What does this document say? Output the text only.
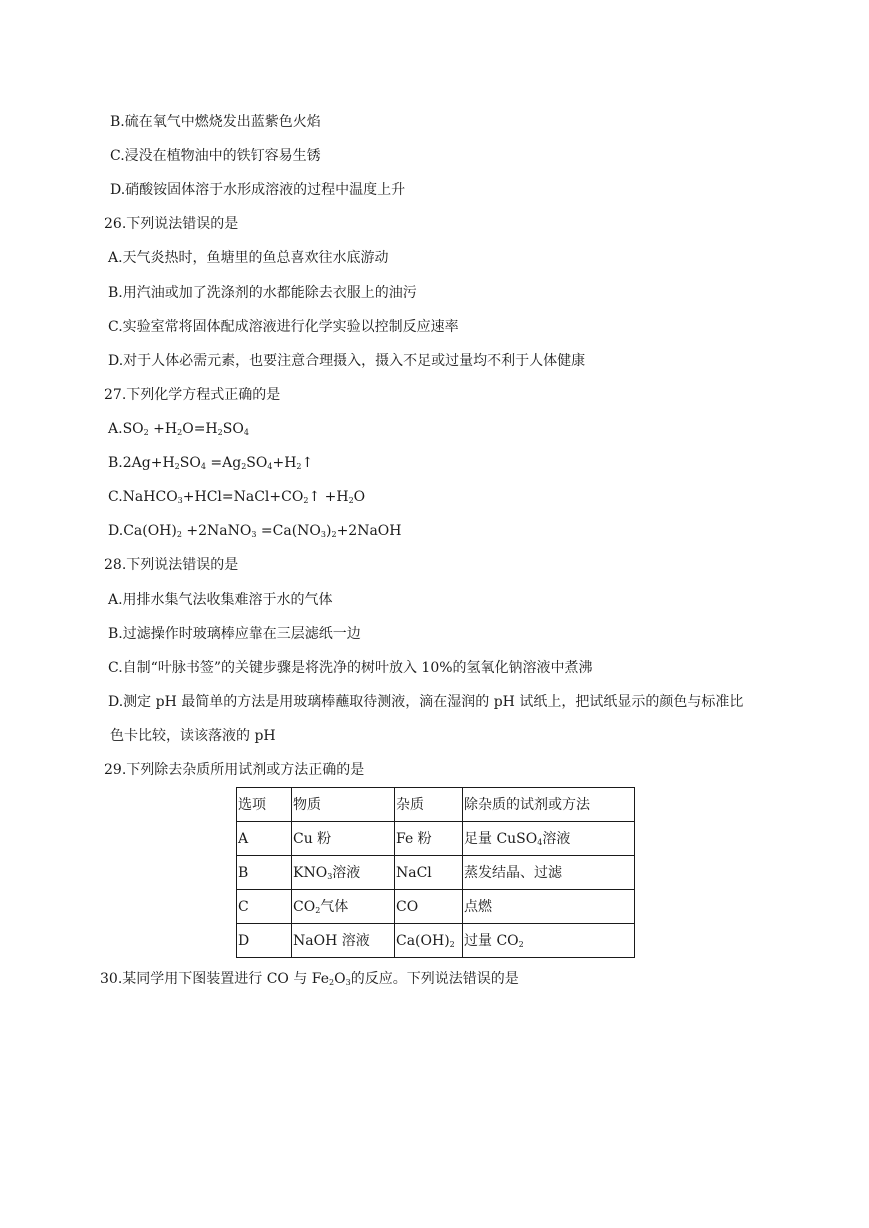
B.硫在氧气中燃烧发出蓝紫色火焰
C.浸没在植物油中的铁钉容易生锈
D.硝酸铵固体溶于水形成溶液的过程中温度上升
26.下列说法错误的是
A.天气炎热时，鱼塘里的鱼总喜欢往水底游动
B.用汽油或加了洗涤剂的水都能除去衣服上的油污
C.实验室常将固体配成溶液进行化学实验以控制反应速率
D.对于人体必需元素，也要注意合理摄入，摄入不足或过量均不利于人体健康
27.下列化学方程式正确的是
$A.SO_2 +H_2O=H_2SO_4$
$B.2Ag+H_2SO_4$ $=Ag_2SO_4+H_2↑$
$C.NaHCO_3+HCl=NaCl+CO_2↑ +H_2O$
$D.Ca(OH)_2$ +2NaNO$_3$ $=Ca(NO_3)_2+2NaOH$
28.下列说法错误的是
A.用排水集气法收集难溶于水的气体
B.过滤操作时玻璃棒应靠在三层滤纸一边
C.自制“叶脉书签”的关键步骤是将洗净的树叶放入 10%的氢氧化钠溶液中煮沸
D.测定 pH 最简单的方法是用玻璃棒蘸取待测液，滴在湿润的 pH 试纸上，把试纸显示的颜色与标准比
色卡比较，读该落液的 pH
29.下列除去杂质所用试剂或方法正确的是
选项	物质	杂质	除杂质的试剂或方法
A	Cu 粉	Fe 粉	足量 CuSO$_4$溶液
B	$KNO_3$溶液	NaCl	蒸发结晶、过滤
C	$CO_2$气体	CO	点燃
D	NaOH 溶液	$Ca(OH)_2$	过量 $CO_2$
30.某同学用下图装置进行 CO 与 $Fe_2O_3$的反应。下列说法错误的是
